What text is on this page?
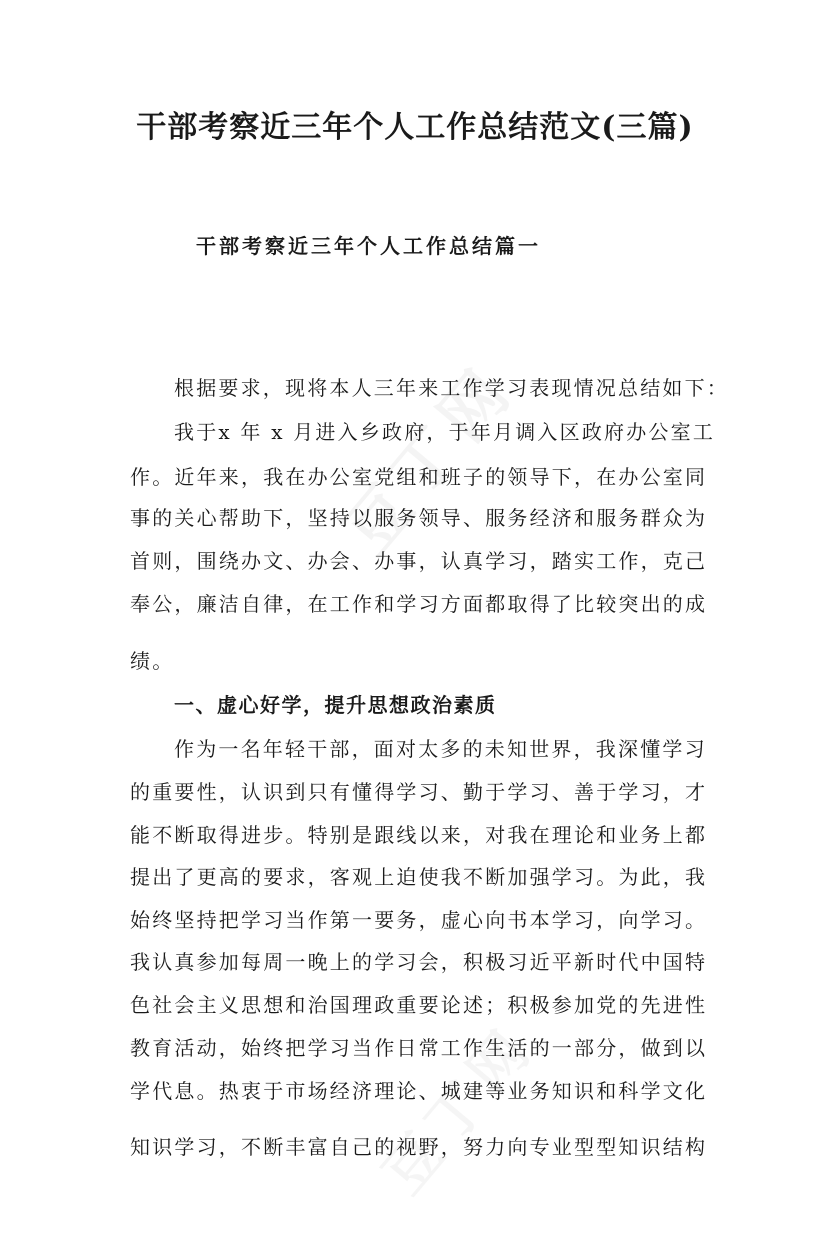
干部考察近三年个人工作总结范文(三篇)
干部考察近三年个人工作总结篇一

根据要求，现将本人三年来工作学习表现情况总结如下：

我于x 年 x 月进入乡政府，于年月调入区政府办公室工

作。近年来，我在办公室党组和班子的领导下，在办公室同

事的关心帮助下，坚持以服务领导、服务经济和服务群众为

首则，围绕办文、办会、办事，认真学习，踏实工作，克己

奉公，廉洁自律，在工作和学习方面都取得了比较突出的成

绩。

一、虚心好学，提升思想政治素质

作为一名年轻干部，面对太多的未知世界，我深懂学习

的重要性，认识到只有懂得学习、勤于学习、善于学习，才

能不断取得进步。特别是跟线以来，对我在理论和业务上都

提出了更高的要求，客观上迫使我不断加强学习。为此，我

始终坚持把学习当作第一要务，虚心向书本学习，向学习。

我认真参加每周一晚上的学习会，积极习近平新时代中国特

色社会主义思想和治国理政重要论述；积极参加党的先进性

教育活动，始终把学习当作日常工作生活的一部分，做到以

学代息。热衷于市场经济理论、城建等业务知识和科学文化

知识学习，不断丰富自己的视野，努力向专业型型知识结构
